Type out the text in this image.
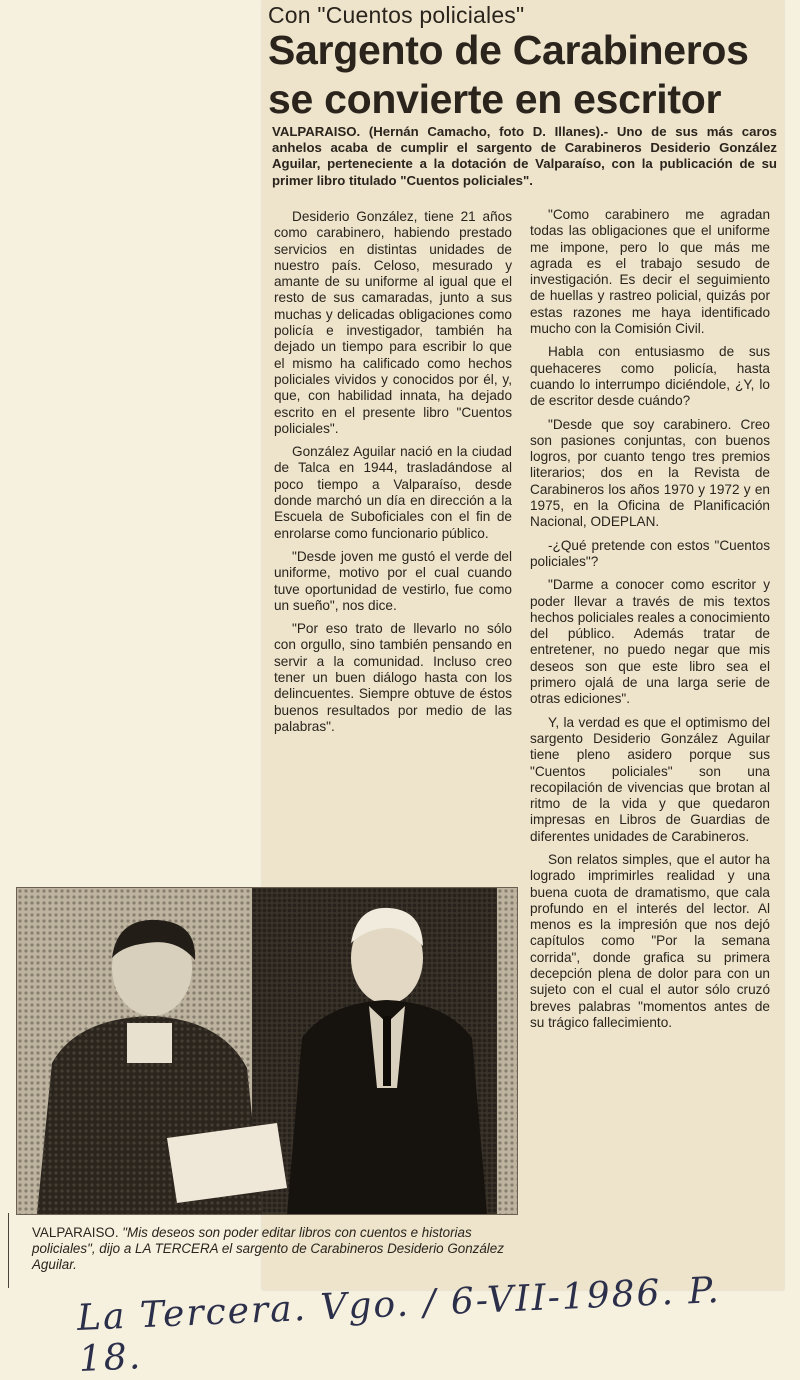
Con "Cuentos policiales"
Sargento de Carabineros
se convierte en escritor
VALPARAISO. (Hernán Camacho, foto D. Illanes).- Uno de sus más caros anhelos acaba de cumplir el sargento de Carabineros Desiderio González Aguilar, perteneciente a la dotación de Valparaíso, con la publicación de su primer libro titulado "Cuentos policiales".

Desiderio González, tiene 21 años como carabinero, habiendo prestado servicios en distintas unidades de nuestro país. Celoso, mesurado y amante de su uniforme al igual que el resto de sus camaradas, junto a sus muchas y delicadas obligaciones como policía e investigador, también ha dejado un tiempo para escribir lo que el mismo ha calificado como hechos policiales vividos y conocidos por él, y, que, con habilidad innata, ha dejado escrito en el presente libro "Cuentos policiales".

González Aguilar nació en la ciudad de Talca en 1944, trasladándose al poco tiempo a Valparaíso, desde donde marchó un día en dirección a la Escuela de Suboficiales con el fin de enrolarse como funcionario público.

"Desde joven me gustó el verde del uniforme, motivo por el cual cuando tuve oportunidad de vestirlo, fue como un sueño", nos dice.

"Por eso trato de llevarlo no sólo con orgullo, sino también pensando en servir a la comunidad. Incluso creo tener un buen diálogo hasta con los delincuentes. Siempre obtuve de éstos buenos resultados por medio de las palabras".

"Como carabinero me agradan todas las obligaciones que el uniforme me impone, pero lo que más me agrada es el trabajo sesudo de investigación. Es decir el seguimiento de huellas y rastreo policial, quizás por estas razones me haya identificado mucho con la Comisión Civil.

Habla con entusiasmo de sus quehaceres como policía, hasta cuando lo interrumpo diciéndole, ¿Y, lo de escritor desde cuándo?

"Desde que soy carabinero. Creo son pasiones conjuntas, con buenos logros, por cuanto tengo tres premios literarios; dos en la Revista de Carabineros los años 1970 y 1972 y en 1975, en la Oficina de Planificación Nacional, ODEPLAN.

-¿Qué pretende con estos "Cuentos policiales"?

"Darme a conocer como escritor y poder llevar a través de mis textos hechos policiales reales a conocimiento del público. Además tratar de entretener, no puedo negar que mis deseos son que este libro sea el primero ojalá de una larga serie de otras ediciones".

Y, la verdad es que el optimismo del sargento Desiderio González Aguilar tiene pleno asidero porque sus "Cuentos policiales" son una recopilación de vivencias que brotan al ritmo de la vida y que quedaron impresas en Libros de Guardias de diferentes unidades de Carabineros.

Son relatos simples, que el autor ha logrado imprimirles realidad y una buena cuota de dramatismo, que cala profundo en el interés del lector. Al menos es la impresión que nos dejó capítulos como "Por la semana corrida", donde grafica su primera decepción plena de dolor para con un sujeto con el cual el autor sólo cruzó breves palabras "momentos antes de su trágico fallecimiento.

VALPARAISO. "Mis deseos son poder editar libros con cuentos e historias policiales", dijo a LA TERCERA el sargento de Carabineros Desiderio González Aguilar.
La Tercera. Vgo. / 6-VII-1986. P. 18.
